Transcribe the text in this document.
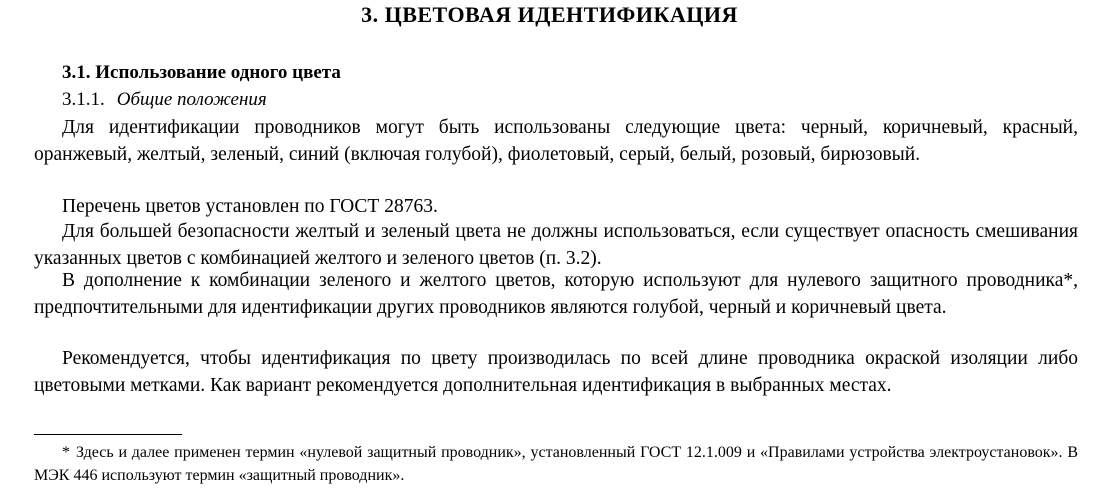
3. ЦВЕТОВАЯ ИДЕНТИФИКАЦИЯ
3.1. Использование одного цвета
3.1.1. Общие положения

Для идентификации проводников могут быть использованы следующие цвета: черный, коричневый, красный, оранжевый, желтый, зеленый, синий (включая голубой), фиолетовый, серый, белый, розовый, бирюзовый.

Перечень цветов установлен по ГОСТ 28763.

Для большей безопасности желтый и зеленый цвета не должны использоваться, если существует опасность смешивания указанных цветов с комбинацией желтого и зеленого цветов (п. 3.2).

В дополнение к комбинации зеленого и желтого цветов, которую используют для нулевого защитного проводника*, предпочтительными для идентификации других проводников являются голубой, черный и коричневый цвета.

Рекомендуется, чтобы идентификация по цвету производилась по всей длине проводника окраской изоляции либо цветовыми метками. Как вариант рекомендуется дополнительная идентификация в выбранных местах.

* Здесь и далее применен термин «нулевой защитный проводник», установленный ГОСТ 12.1.009 и «Правилами устройства электроустановок». В МЭК 446 используют термин «защитный проводник».
